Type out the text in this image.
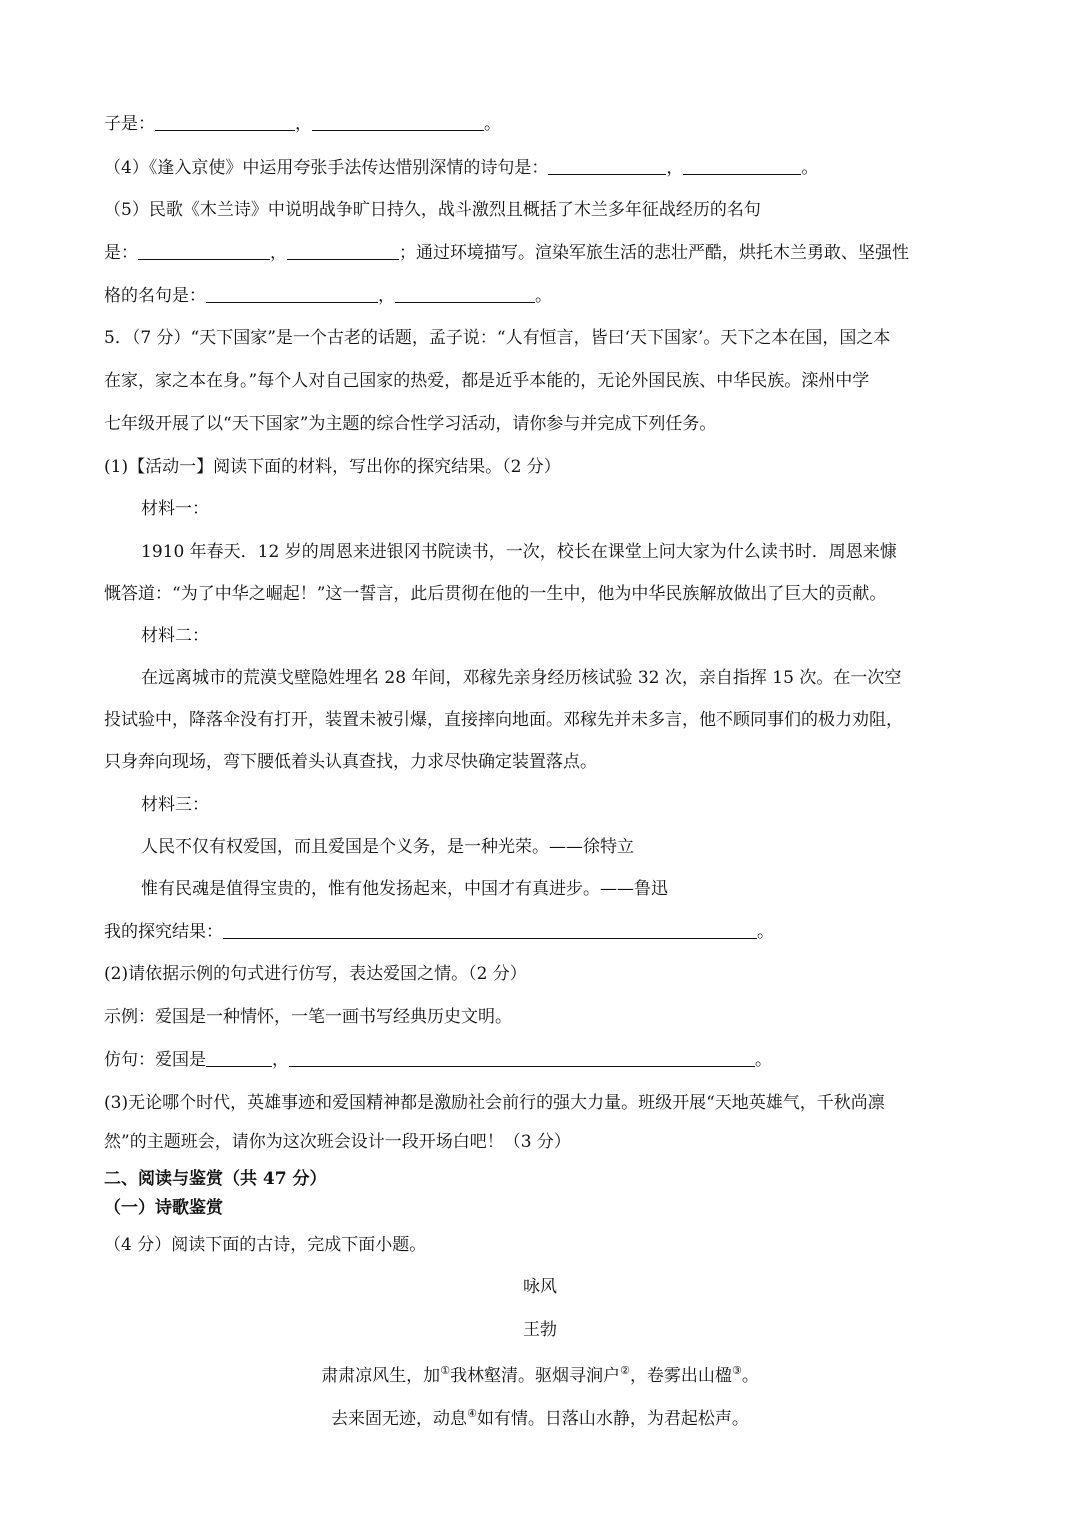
子是：	，	。
（4）《逢入京使》中运用夸张手法传达惜别深情的诗句是：	，	。
（5）民歌《木兰诗》中说明战争旷日持久，战斗激烈且概括了木兰多年征战经历的名句
是：	，	；通过环境描写。渲染军旅生活的悲壮严酷，烘托木兰勇敢、坚强性
格的名句是：	，	。
5．（7 分）“天下国家”是一个古老的话题，孟子说：“人有恒言，皆曰‘天下国家’。天下之本在国，国之本
在家，家之本在身。”每个人对自己国家的热爱，都是近乎本能的，无论外国民族、中华民族。滦州中学
七年级开展了以“天下国家”为主题的综合性学习活动，请你参与并完成下列任务。
(1)【活动一】阅读下面的材料，写出你的探究结果。（2 分）
材料一：
1910 年春天．12 岁的周恩来进银冈书院读书，一次，校长在课堂上问大家为什么读书时．周恩来慷
慨答道：“为了中华之崛起！”这一誓言，此后贯彻在他的一生中，他为中华民族解放做出了巨大的贡献。
材料二：
在远离城市的荒漠戈壁隐姓埋名 28 年间，邓稼先亲身经历核试验 32 次，亲自指挥 15 次。在一次空
投试验中，降落伞没有打开，装置未被引爆，直接摔向地面。邓稼先并未多言，他不顾同事们的极力劝阻，
只身奔向现场，弯下腰低着头认真查找，力求尽快确定装置落点。
材料三：
人民不仅有权爱国，而且爱国是个义务，是一种光荣。——徐特立
惟有民魂是值得宝贵的，惟有他发扬起来，中国才有真进步。——鲁迅
我的探究结果：	。
(2)请依据示例的句式进行仿写，表达爱国之情。（2 分）
示例：爱国是一种情怀，一笔一画书写经典历史文明。
仿句：爱国是	，	。
(3)无论哪个时代，英雄事迹和爱国精神都是激励社会前行的强大力量。班级开展“天地英雄气，千秋尚凛
然”的主题班会，请你为这次班会设计一段开场白吧！（3 分）
二、阅读与鉴赏（共 47 分）
（一）诗歌鉴赏
（4 分）阅读下面的古诗，完成下面小题。
咏风
王勃
肃肃凉风生，加①我林壑清。驱烟寻涧户②，卷雾出山楹③。
去来固无迹，动息④如有情。日落山水静，为君起松声。
